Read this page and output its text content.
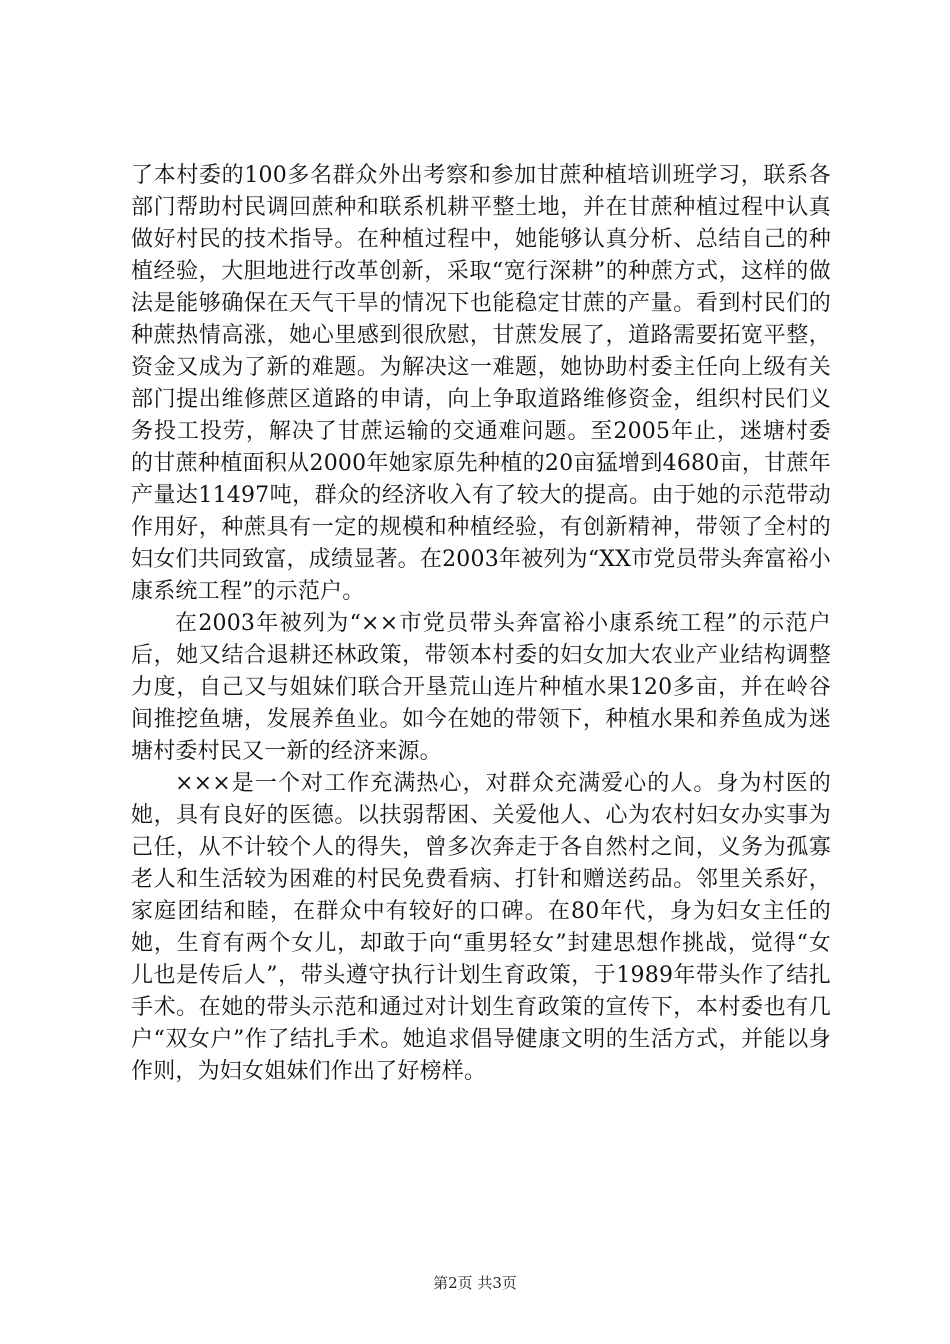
了本村委的100多名群众外出考察和参加甘蔗种植培训班学习，联系各部门帮助村民调回蔗种和联系机耕平整土地，并在甘蔗种植过程中认真做好村民的技术指导。在种植过程中，她能够认真分析、总结自己的种植经验，大胆地进行改革创新，采取“宽行深耕”的种蔗方式，这样的做法是能够确保在天气干旱的情况下也能稳定甘蔗的产量。看到村民们的种蔗热情高涨，她心里感到很欣慰，甘蔗发展了，道路需要拓宽平整，资金又成为了新的难题。为解决这一难题，她协助村委主任向上级有关部门提出维修蔗区道路的申请，向上争取道路维修资金，组织村民们义务投工投劳，解决了甘蔗运输的交通难问题。至2005年止，迷塘村委的甘蔗种植面积从2000年她家原先种植的20亩猛增到4680亩，甘蔗年产量达11497吨，群众的经济收入有了较大的提高。由于她的示范带动作用好，种蔗具有一定的规模和种植经验，有创新精神，带领了全村的妇女们共同致富，成绩显著。在2003年被列为“XX市党员带头奔富裕小康系统工程”的示范户。

在2003年被列为“××市党员带头奔富裕小康系统工程”的示范户后，她又结合退耕还林政策，带领本村委的妇女加大农业产业结构调整力度，自己又与姐妹们联合开垦荒山连片种植水果120多亩，并在岭谷间推挖鱼塘，发展养鱼业。如今在她的带领下，种植水果和养鱼成为迷塘村委村民又一新的经济来源。

×××是一个对工作充满热心，对群众充满爱心的人。身为村医的她，具有良好的医德。以扶弱帮困、关爱他人、心为农村妇女办实事为己任，从不计较个人的得失，曾多次奔走于各自然村之间，义务为孤寡老人和生活较为困难的村民免费看病、打针和赠送药品。邻里关系好，家庭团结和睦，在群众中有较好的口碑。在80年代，身为妇女主任的她，生育有两个女儿，却敢于向“重男轻女”封建思想作挑战，觉得“女儿也是传后人”，带头遵守执行计划生育政策，于1989年带头作了结扎手术。在她的带头示范和通过对计划生育政策的宣传下，本村委也有几户“双女户”作了结扎手术。她追求倡导健康文明的生活方式，并能以身作则，为妇女姐妹们作出了好榜样。

第2页 共3页
